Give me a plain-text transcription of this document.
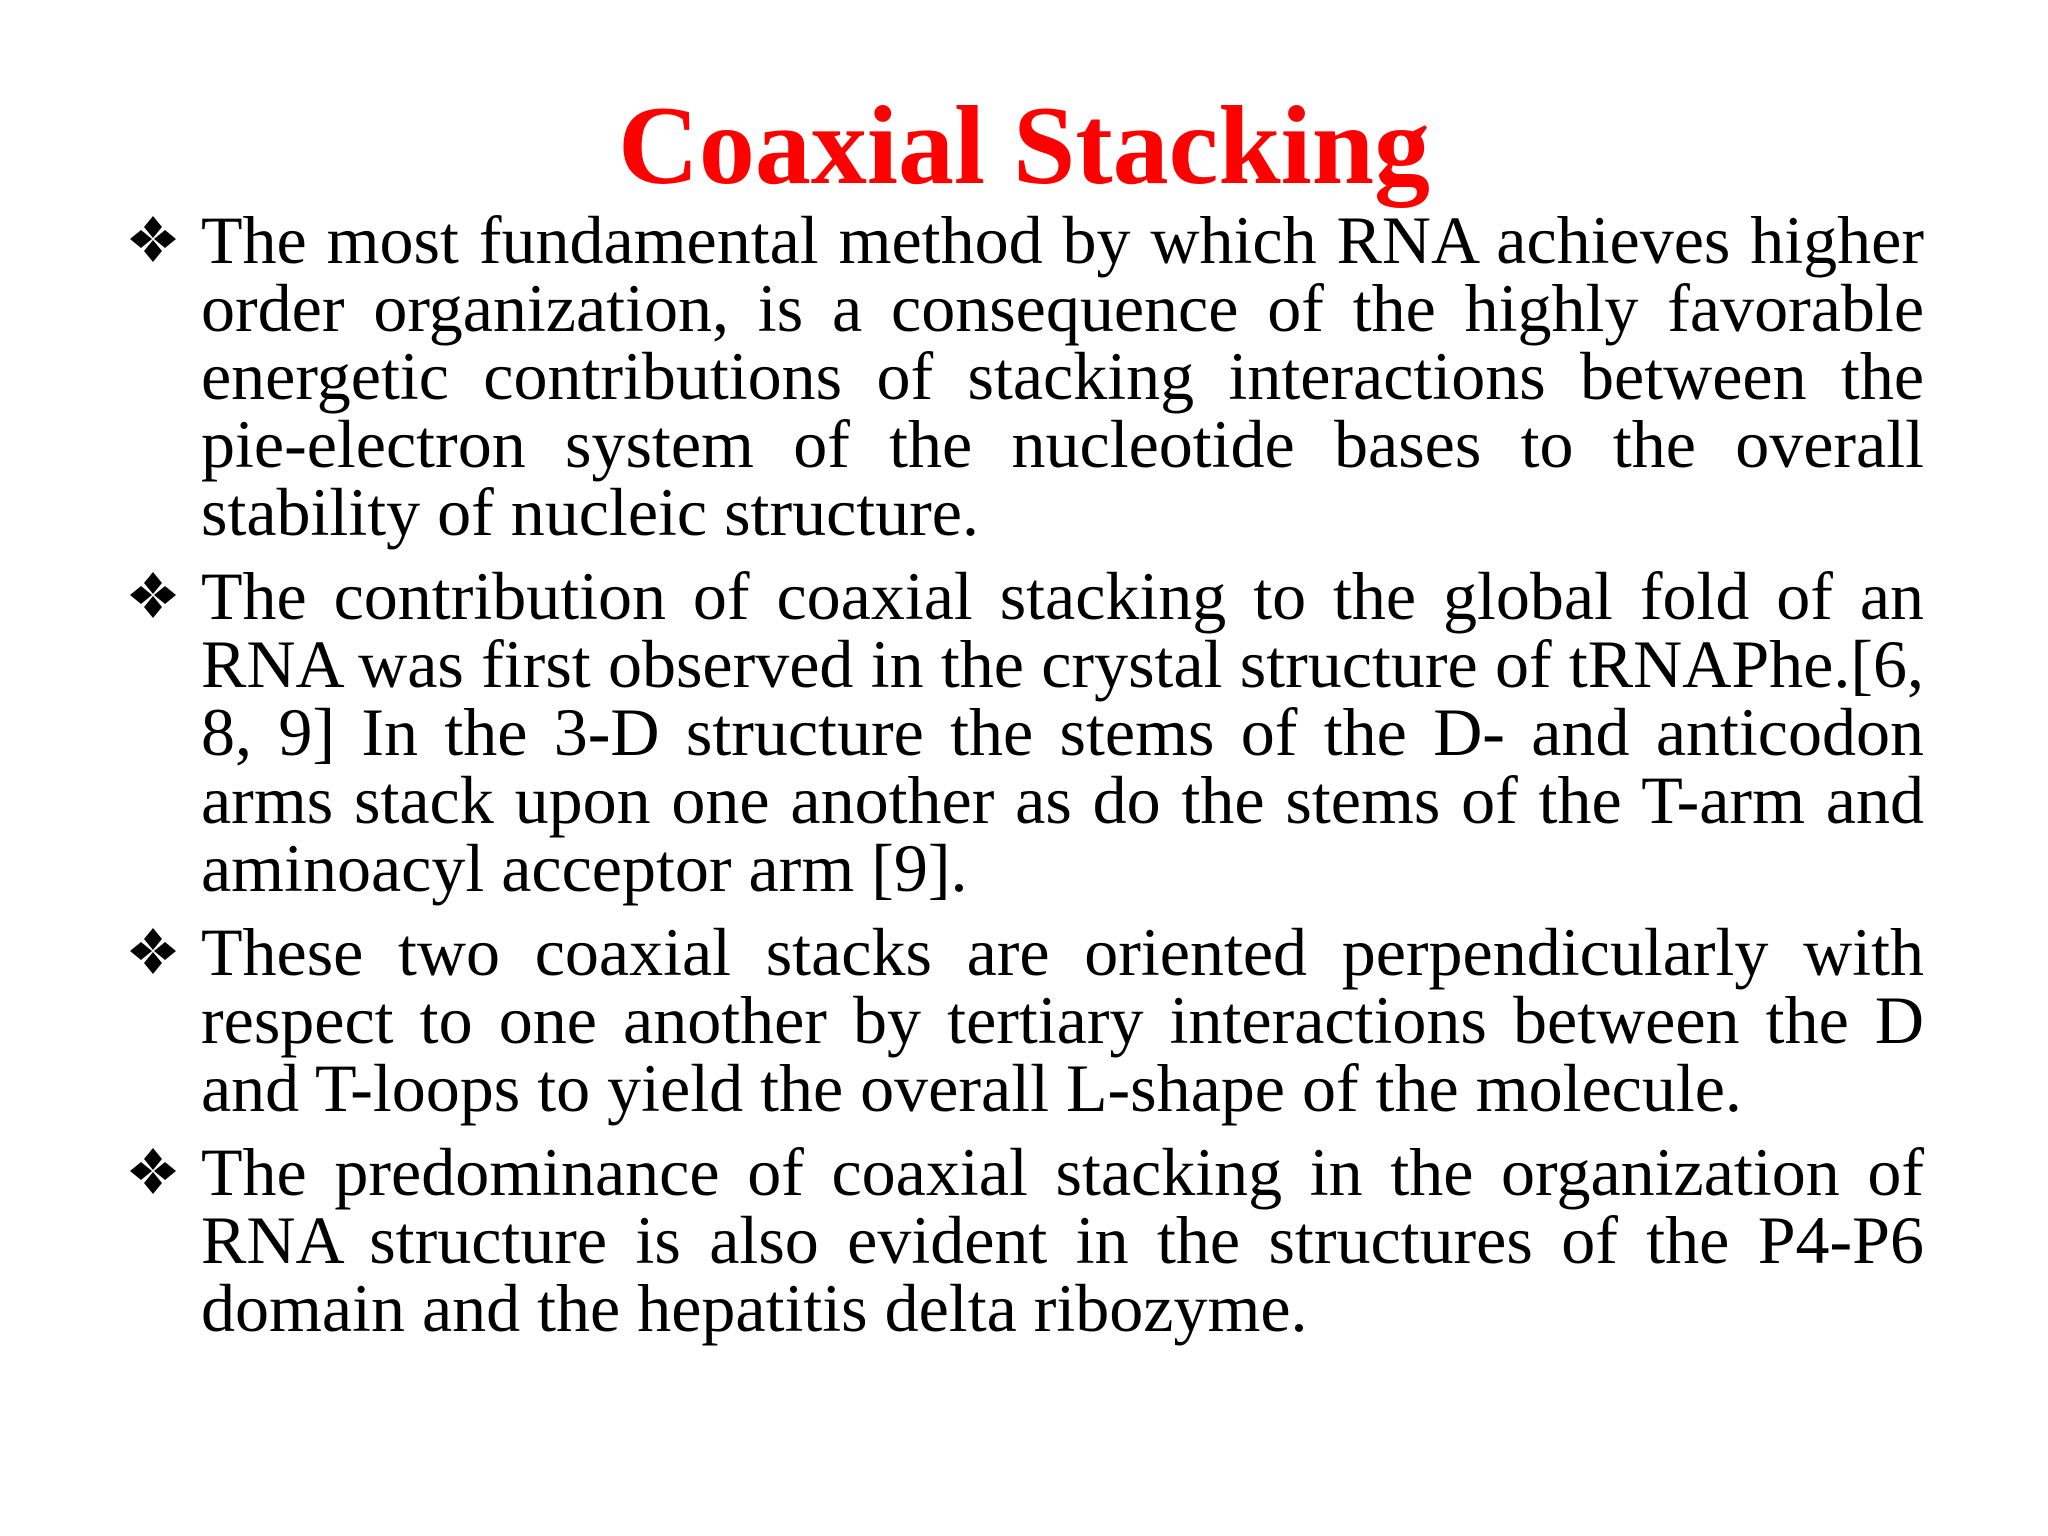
Coaxial Stacking
The most fundamental method by which RNA achieves higher order organization, is a consequence of the highly favorable energetic contributions of stacking interactions between the pie-electron system of the nucleotide bases to the overall stability of nucleic structure.
The contribution of coaxial stacking to the global fold of an RNA was first observed in the crystal structure of tRNAPhe.[6, 8, 9] In the 3-D structure the stems of the D- and anticodon arms stack upon one another as do the stems of the T-arm and aminoacyl acceptor arm [9].
These two coaxial stacks are oriented perpendicularly with respect to one another by tertiary interactions between the D and T-loops to yield the overall L-shape of the molecule.
The predominance of coaxial stacking in the organization of RNA structure is also evident in the structures of the P4-P6 domain and the hepatitis delta ribozyme.
